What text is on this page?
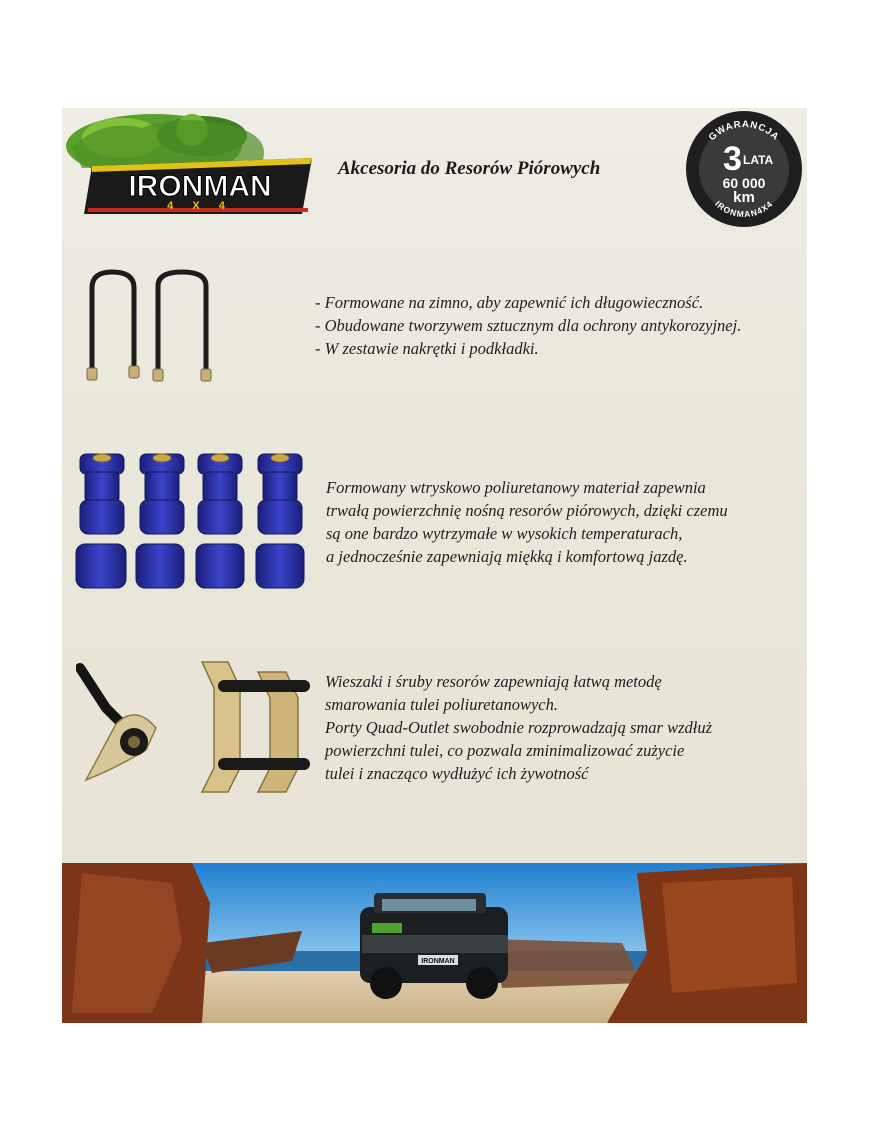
IRONMAN
4 X 4
Akcesoria do Resorów Piórowych
GWARANCJA
3 LATA
60 000
km
IRONMAN4X4

- Formowane na zimno, aby zapewnić ich długowieczność.

- Obudowane tworzywem sztucznym dla ochrony antykorozyjnej.

- W zestawie nakrętki i podkładki.

Formowany wtryskowo poliuretanowy materiał zapewnia

trwałą powierzchnię nośną resorów piórowych, dzięki czemu

są one bardzo wytrzymałe w wysokich temperaturach,

a jednocześnie zapewniają miękką i komfortową jazdę.

Wieszaki i śruby resorów zapewniają łatwą metodę

smarowania tulei poliuretanowych.

Porty Quad-Outlet swobodnie rozprowadzają smar wzdłuż

powierzchni tulei, co pozwala zminimalizować zużycie

tulei i znacząco wydłużyć ich żywotność

IRONMAN
